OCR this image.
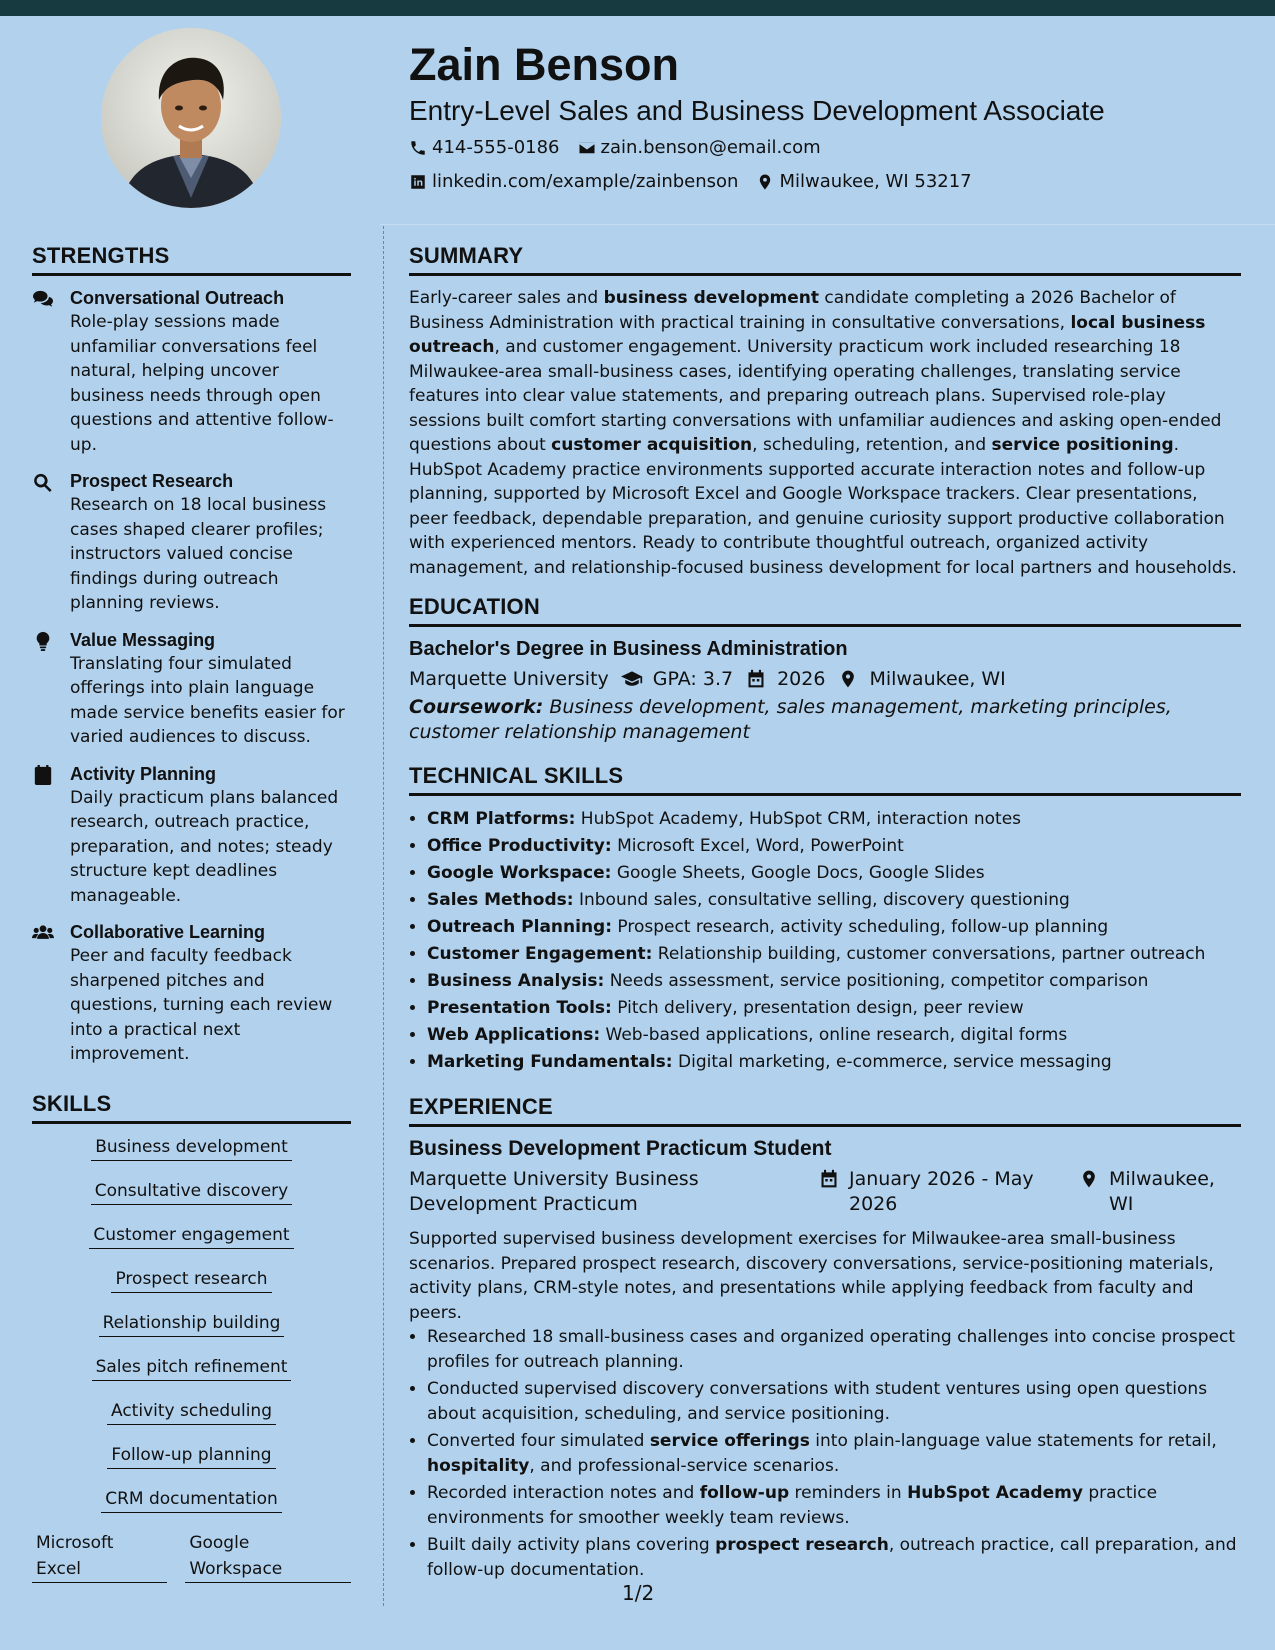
Zain Benson
Entry-Level Sales and Business Development Associate
414-555-0186 zain.benson@email.com
linkedin.com/example/zainbenson Milwaukee, WI 53217
STRENGTHS
Conversational Outreach
Role-play sessions made unfamiliar conversations feel natural, helping uncover business needs through open questions and attentive follow-up.
Prospect Research
Research on 18 local business cases shaped clearer profiles; instructors valued concise findings during outreach planning reviews.
Value Messaging
Translating four simulated offerings into plain language made service benefits easier for varied audiences to discuss.
Activity Planning
Daily practicum plans balanced research, outreach practice, preparation, and notes; steady structure kept deadlines manageable.
Collaborative Learning
Peer and faculty feedback sharpened pitches and questions, turning each review into a practical next improvement.
SKILLS
Business development
Consultative discovery
Customer engagement
Prospect research
Relationship building
Sales pitch refinement
Activity scheduling
Follow-up planning
CRM documentation
Microsoft Excel
Google Workspace
SUMMARY

Early-career sales and business development candidate completing a 2026 Bachelor of Business Administration with practical training in consultative conversations, local business outreach, and customer engagement. University practicum work included researching 18 Milwaukee-area small-business cases, identifying operating challenges, translating service features into clear value statements, and preparing outreach plans. Supervised role-play sessions built comfort starting conversations with unfamiliar audiences and asking open-ended questions about customer acquisition, scheduling, retention, and service positioning. HubSpot Academy practice environments supported accurate interaction notes and follow-up planning, supported by Microsoft Excel and Google Workspace trackers. Clear presentations, peer feedback, dependable preparation, and genuine curiosity support productive collaboration with experienced mentors. Ready to contribute thoughtful outreach, organized activity management, and relationship-focused business development for local partners and households.

EDUCATION
Bachelor's Degree in Business Administration
Marquette University GPA: 3.7 2026 Milwaukee, WI
Coursework: Business development, sales management, marketing principles, customer relationship management
TECHNICAL SKILLS
• CRM Platforms: HubSpot Academy, HubSpot CRM, interaction notes
• Office Productivity: Microsoft Excel, Word, PowerPoint
• Google Workspace: Google Sheets, Google Docs, Google Slides
• Sales Methods: Inbound sales, consultative selling, discovery questioning
• Outreach Planning: Prospect research, activity scheduling, follow-up planning
• Customer Engagement: Relationship building, customer conversations, partner outreach
• Business Analysis: Needs assessment, service positioning, competitor comparison
• Presentation Tools: Pitch delivery, presentation design, peer review
• Web Applications: Web-based applications, online research, digital forms
• Marketing Fundamentals: Digital marketing, e-commerce, service messaging
EXPERIENCE
Business Development Practicum Student
Marquette University Business Development Practicum
January 2026 - May 2026
Milwaukee, WI
Supported supervised business development exercises for Milwaukee-area small-business scenarios. Prepared prospect research, discovery conversations, service-positioning materials, activity plans, CRM-style notes, and presentations while applying feedback from faculty and peers.
• Researched 18 small-business cases and organized operating challenges into concise prospect profiles for outreach planning.
• Conducted supervised discovery conversations with student ventures using open questions about acquisition, scheduling, and service positioning.
• Converted four simulated service offerings into plain-language value statements for retail, hospitality, and professional-service scenarios.
• Recorded interaction notes and follow-up reminders in HubSpot Academy practice environments for smoother weekly team reviews.
• Built daily activity plans covering prospect research, outreach practice, call preparation, and follow-up documentation.
1/2
